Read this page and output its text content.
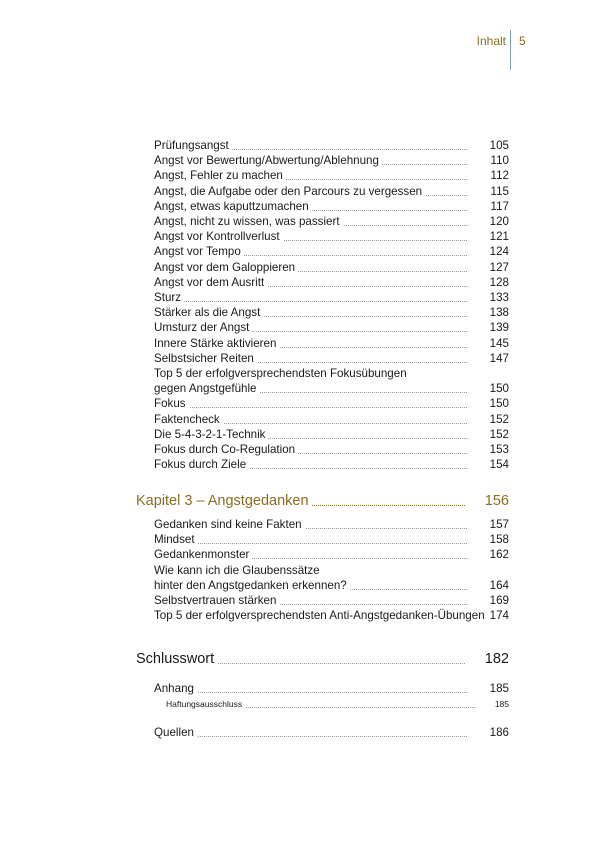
Inhalt 5
Prüfungsangst	105
Angst vor Bewertung/Abwertung/Ablehnung	110
Angst, Fehler zu machen	112
Angst, die Aufgabe oder den Parcours zu vergessen	115
Angst, etwas kaputtzumachen	117
Angst, nicht zu wissen, was passiert	120
Angst vor Kontrollverlust	121
Angst vor Tempo	124
Angst vor dem Galoppieren	127
Angst vor dem Ausritt	128
Sturz	133
Stärker als die Angst	138
Umsturz der Angst	139
Innere Stärke aktivieren	145
Selbstsicher Reiten	147
Top 5 der erfolgversprechendsten Fokusübungen
gegen Angstgefühle	150
Fokus	150
Faktencheck	152
Die 5-4-3-2-1-Technik	152
Fokus durch Co-Regulation	153
Fokus durch Ziele	154
Kapitel 3 – Angstgedanken	156
Gedanken sind keine Fakten	157
Mindset	158
Gedankenmonster	162
Wie kann ich die Glaubenssätze
hinter den Angstgedanken erkennen?	164
Selbstvertrauen stärken	169
Top 5 der erfolgversprechendsten Anti-Angstgedanken-Übungen 174
Schlusswort	182
Anhang	185
Haftungsausschluss	185
Quellen	186
